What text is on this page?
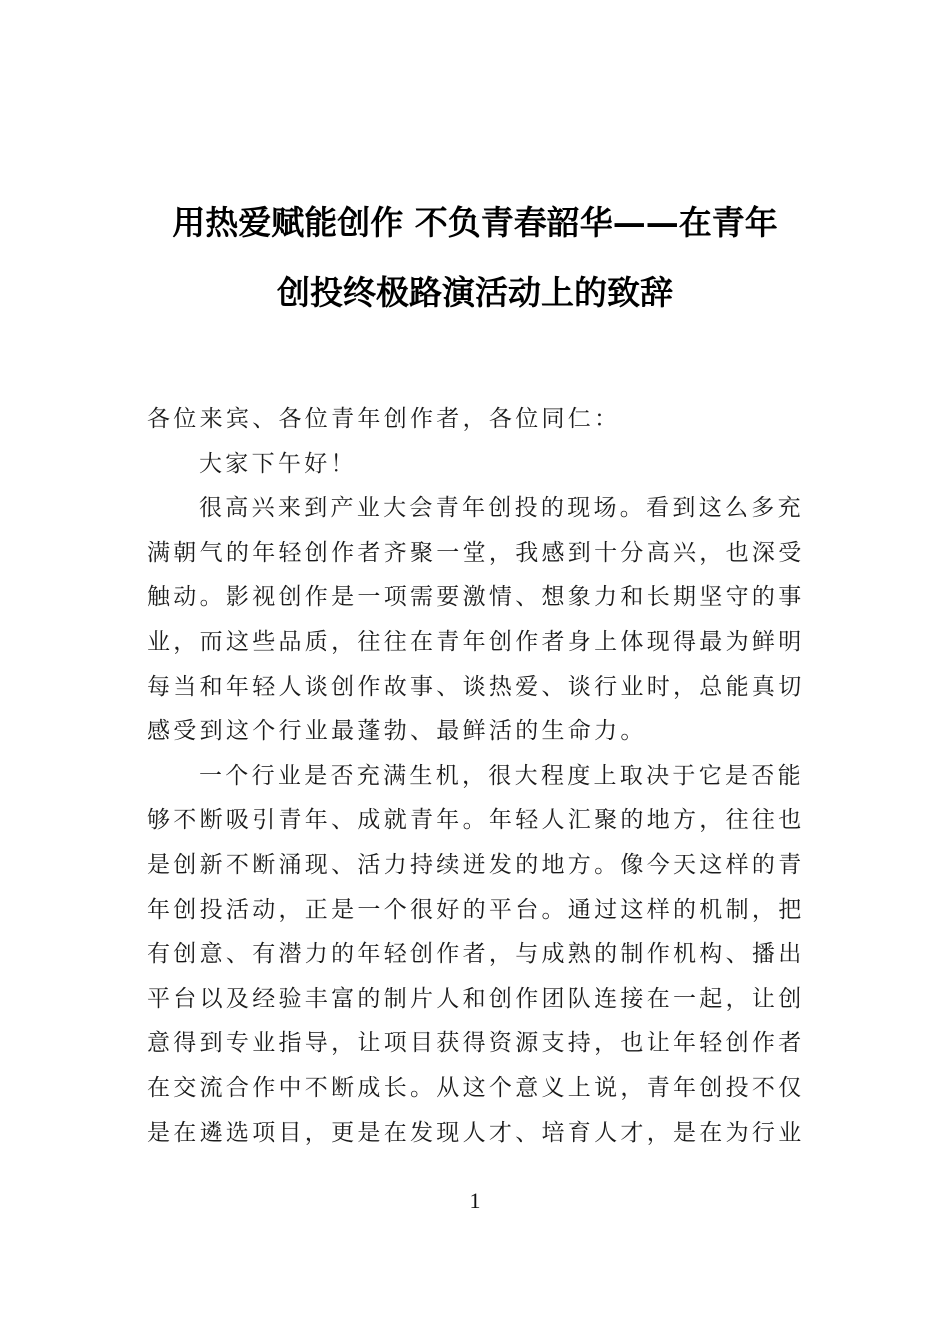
用热爱赋能创作 不负青春韶华——在青年
创投终极路演活动上的致辞
各位来宾、各位青年创作者，各位同仁：
大家下午好！
很高兴来到产业大会青年创投的现场。看到这么多充
满朝气的年轻创作者齐聚一堂，我感到十分高兴，也深受
触动。影视创作是一项需要激情、想象力和长期坚守的事
业，而这些品质，往往在青年创作者身上体现得最为鲜明
每当和年轻人谈创作故事、谈热爱、谈行业时，总能真切
感受到这个行业最蓬勃、最鲜活的生命力。
一个行业是否充满生机，很大程度上取决于它是否能
够不断吸引青年、成就青年。年轻人汇聚的地方，往往也
是创新不断涌现、活力持续迸发的地方。像今天这样的青
年创投活动，正是一个很好的平台。通过这样的机制，把
有创意、有潜力的年轻创作者，与成熟的制作机构、播出
平台以及经验丰富的制片人和创作团队连接在一起，让创
意得到专业指导，让项目获得资源支持，也让年轻创作者
在交流合作中不断成长。从这个意义上说，青年创投不仅
是在遴选项目，更是在发现人才、培育人才，是在为行业
1
